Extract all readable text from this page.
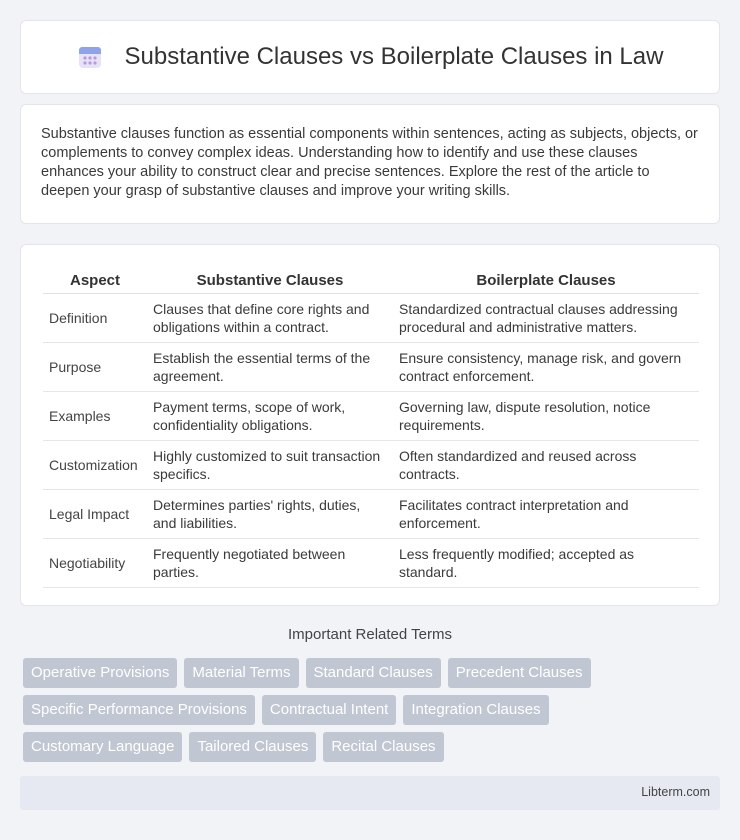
Substantive Clauses vs Boilerplate Clauses in Law

Substantive clauses function as essential components within sentences, acting as subjects, objects, or complements to convey complex ideas. Understanding how to identify and use these clauses enhances your ability to construct clear and precise sentences. Explore the rest of the article to deepen your grasp of substantive clauses and improve your writing skills.

Aspect	Substantive Clauses	Boilerplate Clauses
Definition	Clauses that define core rights and obligations within a contract.	Standardized contractual clauses addressing procedural and administrative matters.
Purpose	Establish the essential terms of the agreement.	Ensure consistency, manage risk, and govern contract enforcement.
Examples	Payment terms, scope of work, confidentiality obligations.	Governing law, dispute resolution, notice requirements.
Customization	Highly customized to suit transaction specifics.	Often standardized and reused across contracts.
Legal Impact	Determines parties' rights, duties, and liabilities.	Facilitates contract interpretation and enforcement.
Negotiability	Frequently negotiated between parties.	Less frequently modified; accepted as standard.
Important Related Terms
Operative Provisions	Material Terms	Standard Clauses	Precedent Clauses
Specific Performance Provisions	Contractual Intent	Integration Clauses
Customary Language	Tailored Clauses	Recital Clauses
Libterm.com
